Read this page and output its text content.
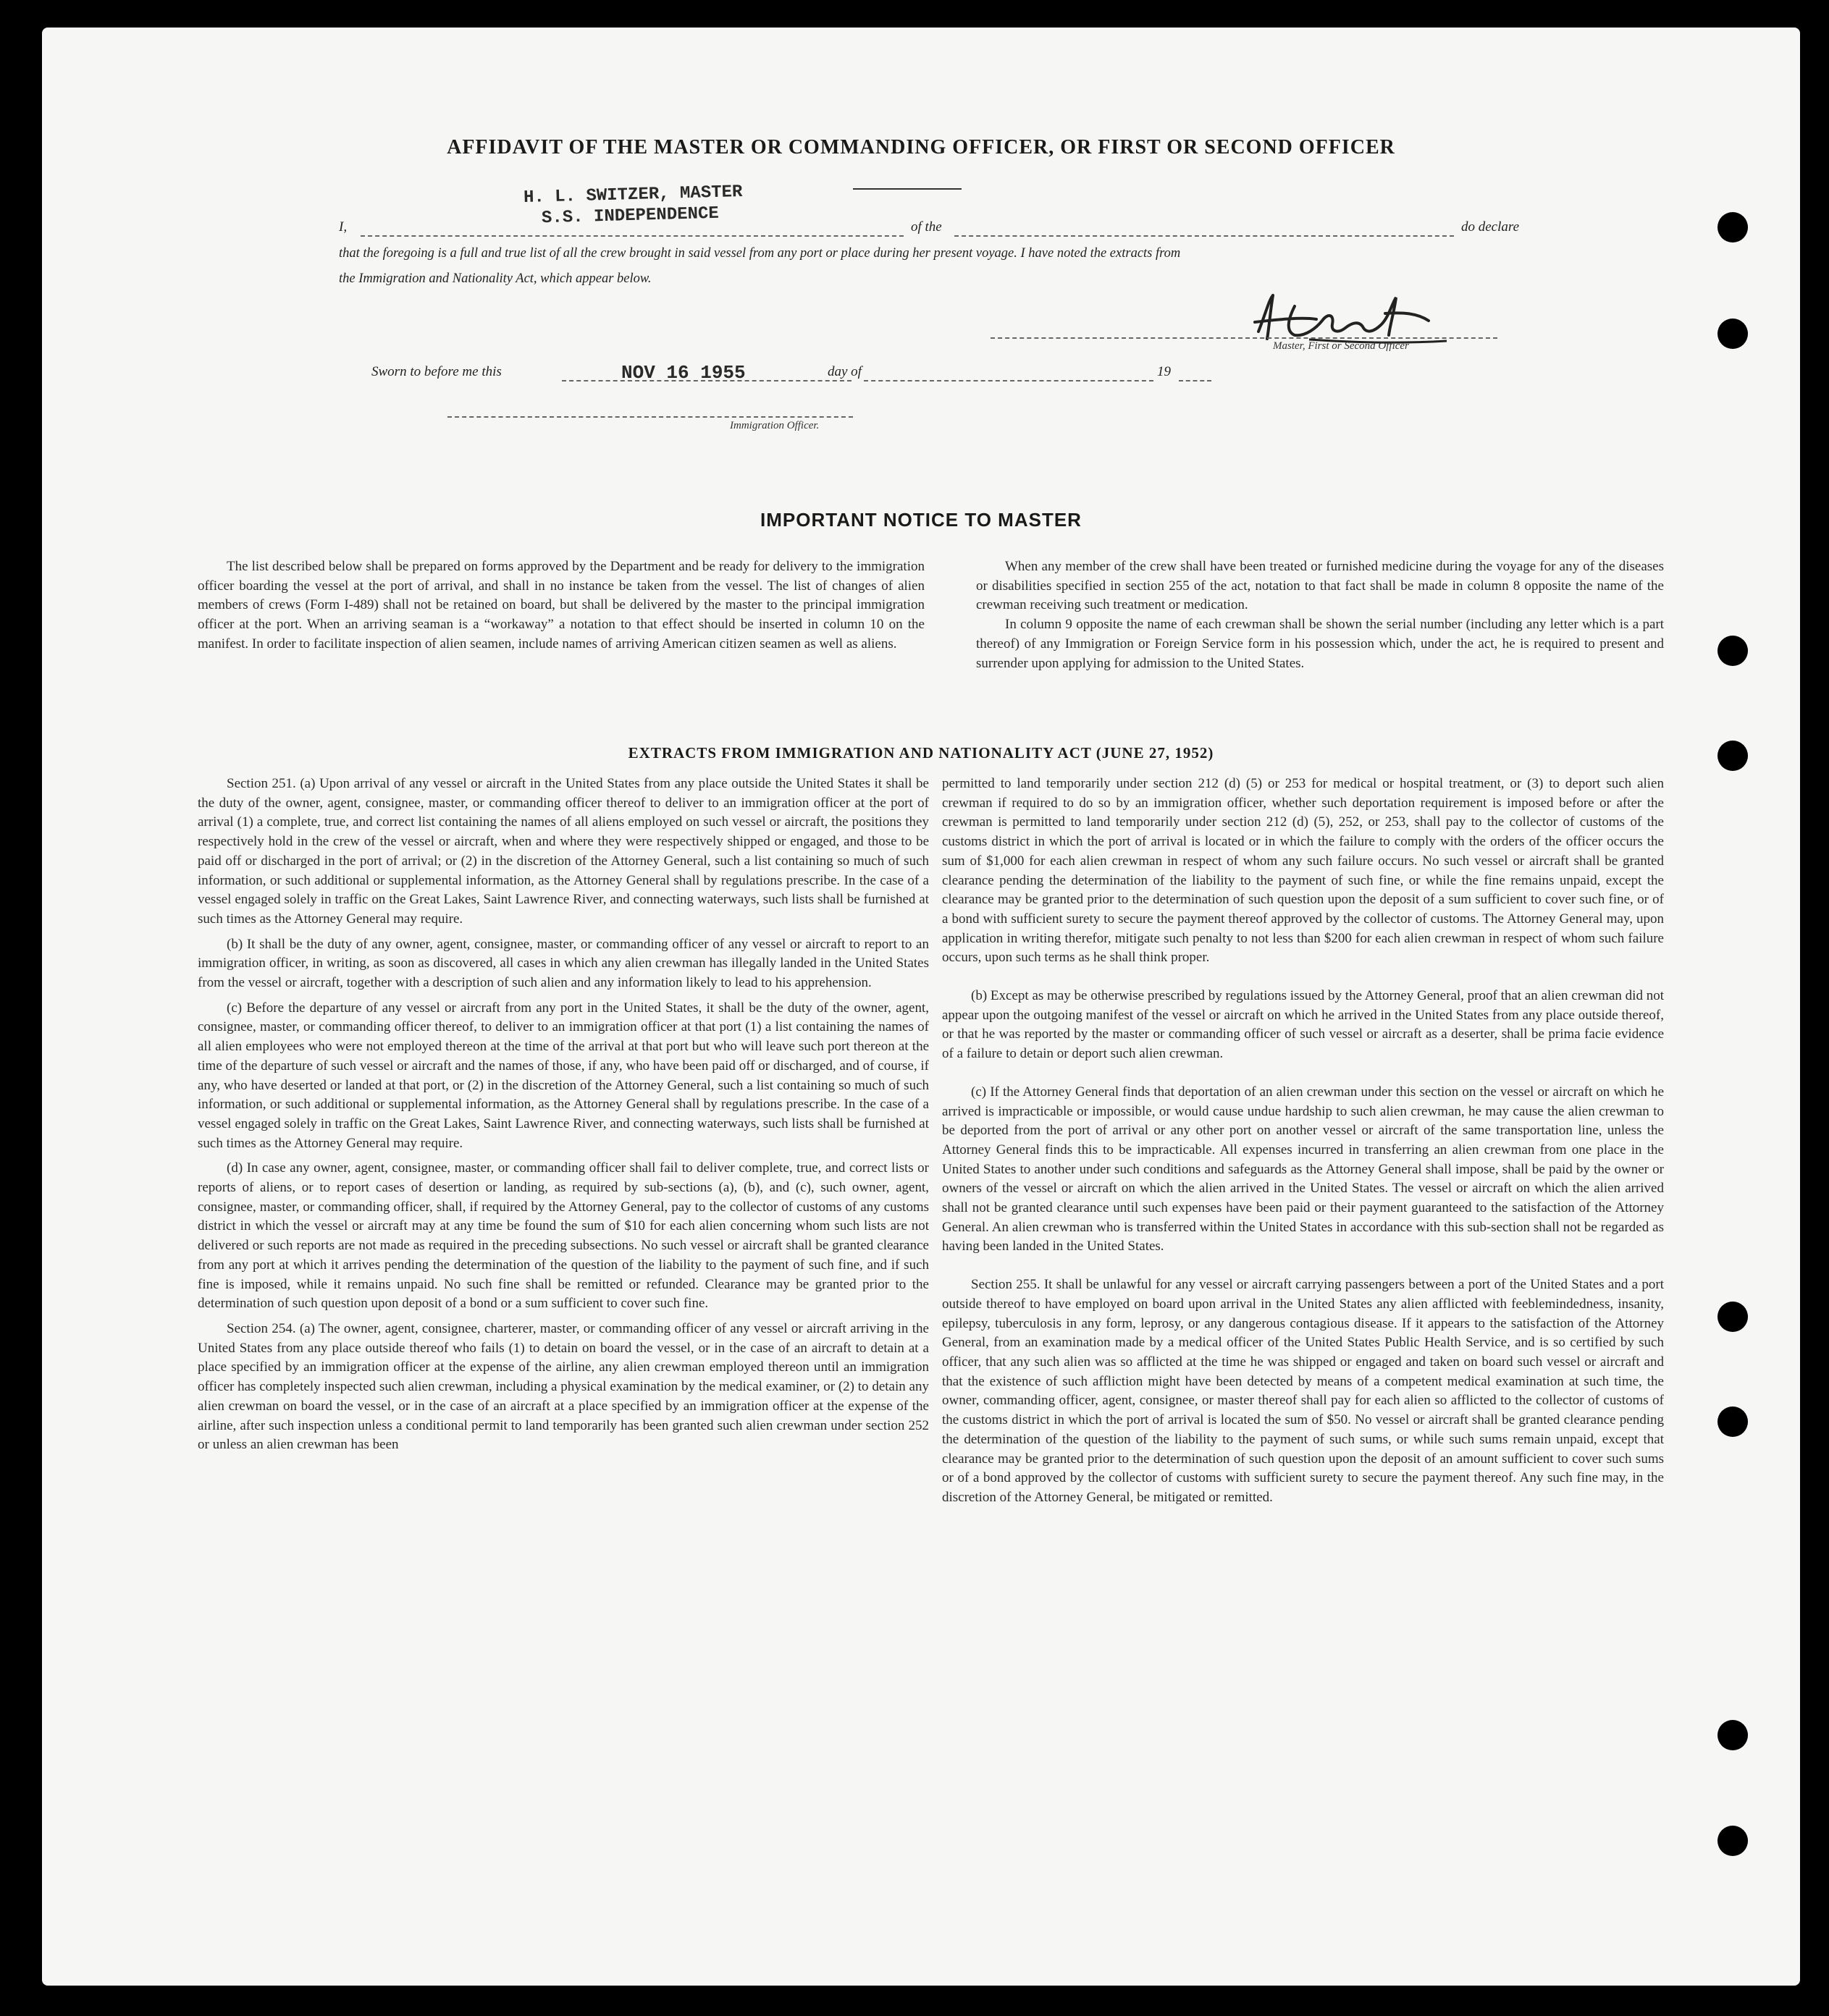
AFFIDAVIT OF THE MASTER OR COMMANDING OFFICER, OR FIRST OR SECOND OFFICER
H. L. SWITZER, MASTER
S.S. INDEPENDENCE
I,	of the	do declare
that the foregoing is a full and true list of all the crew brought in said vessel from any port or place during her present voyage. I have noted the extracts from
the Immigration and Nationality Act, which appear below.
Master, First or Second Officer
Sworn to before me this	NOV 16 1955	day of	19
Immigration Officer.
IMPORTANT NOTICE TO MASTER

The list described below shall be prepared on forms approved by the Department and be ready for delivery to the immigration officer boarding the vessel at the port of arrival, and shall in no instance be taken from the vessel. The list of changes of alien members of crews (Form I-489) shall not be retained on board, but shall be delivered by the master to the principal immigration officer at the port. When an arriving seaman is a “workaway” a notation to that effect should be inserted in column 10 on the manifest. In order to facilitate inspection of alien seamen, include names of arriving American citizen seamen as well as aliens.

When any member of the crew shall have been treated or furnished medicine during the voyage for any of the diseases or disabilities specified in section 255 of the act, notation to that fact shall be made in column 8 opposite the name of the crewman receiving such treatment or medication.

In column 9 opposite the name of each crewman shall be shown the serial number (including any letter which is a part thereof) of any Immigration or Foreign Service form in his possession which, under the act, he is required to present and surrender upon applying for admission to the United States.

EXTRACTS FROM IMMIGRATION AND NATIONALITY ACT (JUNE 27, 1952)

Section 251. (a) Upon arrival of any vessel or aircraft in the United States from any place outside the United States it shall be the duty of the owner, agent, consignee, master, or commanding officer thereof to deliver to an immigration officer at the port of arrival (1) a complete, true, and correct list containing the names of all aliens employed on such vessel or aircraft, the positions they respectively hold in the crew of the vessel or aircraft, when and where they were respectively shipped or engaged, and those to be paid off or discharged in the port of arrival; or (2) in the discretion of the Attorney General, such a list containing so much of such information, or such additional or supplemental information, as the Attorney General shall by regulations prescribe. In the case of a vessel engaged solely in traffic on the Great Lakes, Saint Lawrence River, and connecting waterways, such lists shall be furnished at such times as the Attorney General may require.

(b) It shall be the duty of any owner, agent, consignee, master, or commanding officer of any vessel or aircraft to report to an immigration officer, in writing, as soon as discovered, all cases in which any alien crewman has illegally landed in the United States from the vessel or aircraft, together with a description of such alien and any information likely to lead to his apprehension.

(c) Before the departure of any vessel or aircraft from any port in the United States, it shall be the duty of the owner, agent, consignee, master, or commanding officer thereof, to deliver to an immigration officer at that port (1) a list containing the names of all alien employees who were not employed thereon at the time of the arrival at that port but who will leave such port thereon at the time of the departure of such vessel or aircraft and the names of those, if any, who have been paid off or discharged, and of course, if any, who have deserted or landed at that port, or (2) in the discretion of the Attorney General, such a list containing so much of such information, or such additional or supplemental information, as the Attorney General shall by regulations prescribe. In the case of a vessel engaged solely in traffic on the Great Lakes, Saint Lawrence River, and connecting waterways, such lists shall be furnished at such times as the Attorney General may require.

(d) In case any owner, agent, consignee, master, or commanding officer shall fail to deliver complete, true, and correct lists or reports of aliens, or to report cases of desertion or landing, as required by sub-sections (a), (b), and (c), such owner, agent, consignee, master, or commanding officer, shall, if required by the Attorney General, pay to the collector of customs of any customs district in which the vessel or aircraft may at any time be found the sum of $10 for each alien concerning whom such lists are not delivered or such reports are not made as required in the preceding subsections. No such vessel or aircraft shall be granted clearance from any port at which it arrives pending the determination of the question of the liability to the payment of such fine, and if such fine is imposed, while it remains unpaid. No such fine shall be remitted or refunded. Clearance may be granted prior to the determination of such question upon deposit of a bond or a sum sufficient to cover such fine.

Section 254. (a) The owner, agent, consignee, charterer, master, or commanding officer of any vessel or aircraft arriving in the United States from any place outside thereof who fails (1) to detain on board the vessel, or in the case of an aircraft to detain at a place specified by an immigration officer at the expense of the airline, any alien crewman employed thereon until an immigration officer has completely inspected such alien crewman, including a physical examination by the medical examiner, or (2) to detain any alien crewman on board the vessel, or in the case of an aircraft at a place specified by an immigration officer at the expense of the airline, after such inspection unless a conditional permit to land temporarily has been granted such alien crewman under section 252 or unless an alien crewman has been

permitted to land temporarily under section 212 (d) (5) or 253 for medical or hospital treatment, or (3) to deport such alien crewman if required to do so by an immigration officer, whether such deportation requirement is imposed before or after the crewman is permitted to land temporarily under section 212 (d) (5), 252, or 253, shall pay to the collector of customs of the customs district in which the port of arrival is located or in which the failure to comply with the orders of the officer occurs the sum of $1,000 for each alien crewman in respect of whom any such failure occurs. No such vessel or aircraft shall be granted clearance pending the determination of the liability to the payment of such fine, or while the fine remains unpaid, except the clearance may be granted prior to the determination of such question upon the deposit of a sum sufficient to cover such fine, or of a bond with sufficient surety to secure the payment thereof approved by the collector of customs. The Attorney General may, upon application in writing therefor, mitigate such penalty to not less than $200 for each alien crewman in respect of whom such failure occurs, upon such terms as he shall think proper.

(b) Except as may be otherwise prescribed by regulations issued by the Attorney General, proof that an alien crewman did not appear upon the outgoing manifest of the vessel or aircraft on which he arrived in the United States from any place outside thereof, or that he was reported by the master or commanding officer of such vessel or aircraft as a deserter, shall be prima facie evidence of a failure to detain or deport such alien crewman.

(c) If the Attorney General finds that deportation of an alien crewman under this section on the vessel or aircraft on which he arrived is impracticable or impossible, or would cause undue hardship to such alien crewman, he may cause the alien crewman to be deported from the port of arrival or any other port on another vessel or aircraft of the same transportation line, unless the Attorney General finds this to be impracticable. All expenses incurred in transferring an alien crewman from one place in the United States to another under such conditions and safeguards as the Attorney General shall impose, shall be paid by the owner or owners of the vessel or aircraft on which the alien arrived in the United States. The vessel or aircraft on which the alien arrived shall not be granted clearance until such expenses have been paid or their payment guaranteed to the satisfaction of the Attorney General. An alien crewman who is transferred within the United States in accordance with this sub-section shall not be regarded as having been landed in the United States.

Section 255. It shall be unlawful for any vessel or aircraft carrying passengers between a port of the United States and a port outside thereof to have employed on board upon arrival in the United States any alien afflicted with feeblemindedness, insanity, epilepsy, tuberculosis in any form, leprosy, or any dangerous contagious disease. If it appears to the satisfaction of the Attorney General, from an examination made by a medical officer of the United States Public Health Service, and is so certified by such officer, that any such alien was so afflicted at the time he was shipped or engaged and taken on board such vessel or aircraft and that the existence of such affliction might have been detected by means of a competent medical examination at such time, the owner, commanding officer, agent, consignee, or master thereof shall pay for each alien so afflicted to the collector of customs of the customs district in which the port of arrival is located the sum of $50. No vessel or aircraft shall be granted clearance pending the determination of the question of the liability to the payment of such sums, or while such sums remain unpaid, except that clearance may be granted prior to the determination of such question upon the deposit of an amount sufficient to cover such sums or of a bond approved by the collector of customs with sufficient surety to secure the payment thereof. Any such fine may, in the discretion of the Attorney General, be mitigated or remitted.
